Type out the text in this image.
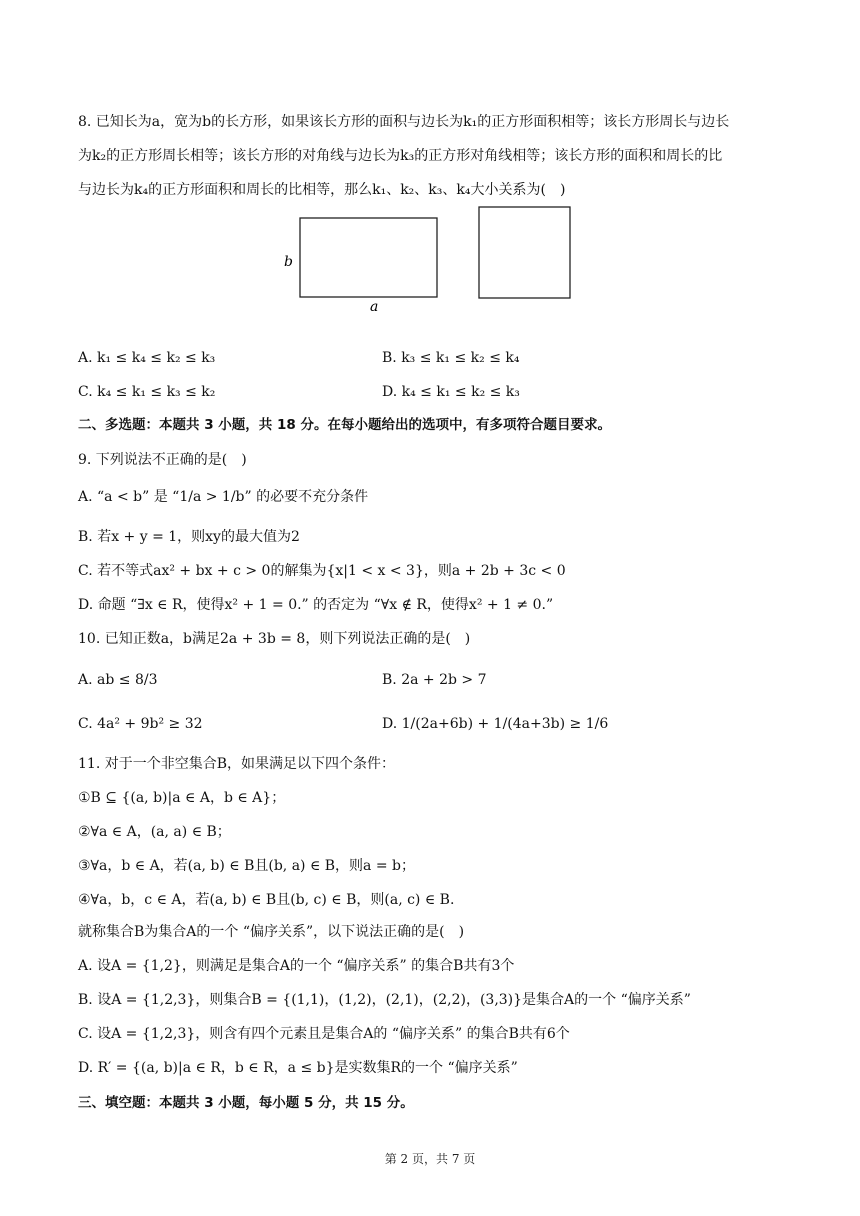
8. 已知长为a，宽为b的长方形，如果该长方形的面积与边长为k₁的正方形面积相等；该长方形周长与边长
为k₂的正方形周长相等；该长方形的对角线与边长为k₃的正方形对角线相等；该长方形的面积和周长的比
与边长为k₄的正方形面积和周长的比相等，那么k₁、k₂、k₃、k₄大小关系为(　)
b
a
A. k₁ ≤ k₄ ≤ k₂ ≤ k₃	B. k₃ ≤ k₁ ≤ k₂ ≤ k₄
C. k₄ ≤ k₁ ≤ k₃ ≤ k₂	D. k₄ ≤ k₁ ≤ k₂ ≤ k₃
二、多选题：本题共 3 小题，共 18 分。在每小题给出的选项中，有多项符合题目要求。
9. 下列说法不正确的是(　)
A. “a < b” 是 “1/a > 1/b” 的必要不充分条件
B. 若x + y = 1，则xy的最大值为2
C. 若不等式ax² + bx + c > 0的解集为{x|1 < x < 3}，则a + 2b + 3c < 0
D. 命题 “∃x ∈ R，使得x² + 1 = 0.” 的否定为 “∀x ∉ R，使得x² + 1 ≠ 0.”
10. 已知正数a，b满足2a + 3b = 8，则下列说法正确的是(　)
A. ab ≤ 8/3	B. 2a + 2b > 7
C. 4a² + 9b² ≥ 32	D. 1/(2a+6b) + 1/(4a+3b) ≥ 1/6
11. 对于一个非空集合B，如果满足以下四个条件：
①B ⊆ {(a, b)|a ∈ A，b ∈ A}；
②∀a ∈ A，(a, a) ∈ B；
③∀a，b ∈ A，若(a, b) ∈ B且(b, a) ∈ B，则a = b；
④∀a，b，c ∈ A，若(a, b) ∈ B且(b, c) ∈ B，则(a, c) ∈ B.
就称集合B为集合A的一个 “偏序关系”，以下说法正确的是(　)
A. 设A = {1,2}，则满足是集合A的一个 “偏序关系” 的集合B共有3个
B. 设A = {1,2,3}，则集合B = {(1,1)，(1,2)，(2,1)，(2,2)，(3,3)}是集合A的一个 “偏序关系”
C. 设A = {1,2,3}，则含有四个元素且是集合A的 “偏序关系” 的集合B共有6个
D. R′ = {(a, b)|a ∈ R，b ∈ R，a ≤ b}是实数集R的一个 “偏序关系”
三、填空题：本题共 3 小题，每小题 5 分，共 15 分。
第 2 页，共 7 页
